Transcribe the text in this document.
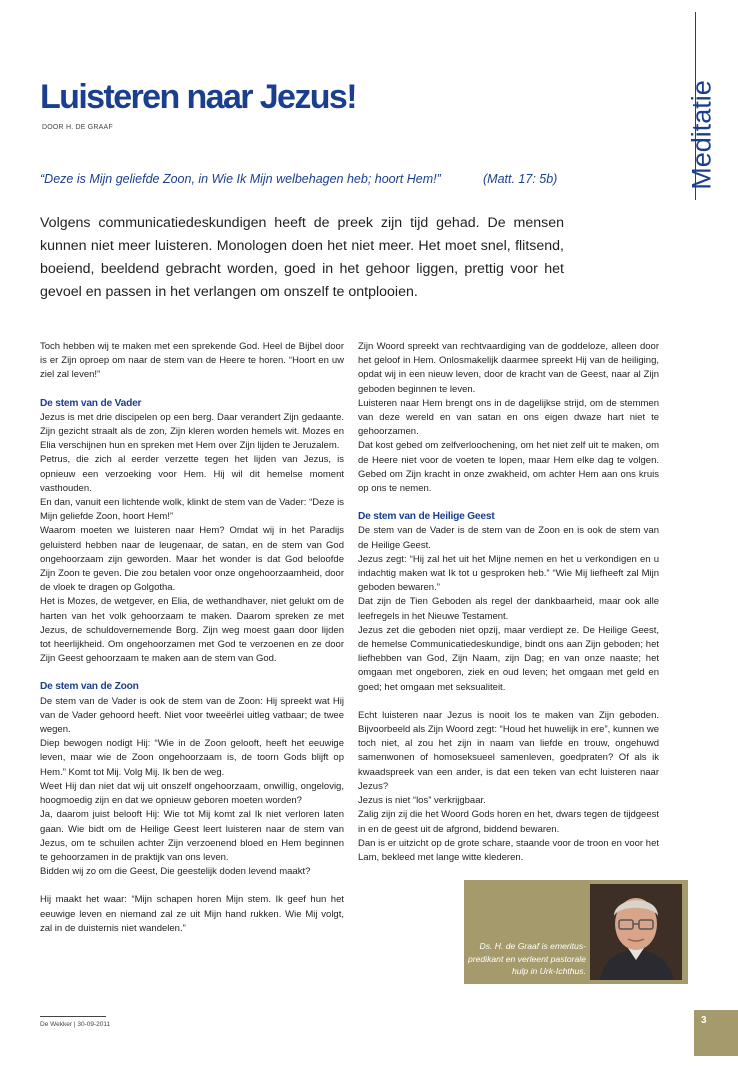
Luisteren naar Jezus!
DOOR H. DE GRAAF	Meditatie
“Deze is Mijn geliefde Zoon, in Wie Ik Mijn welbehagen heb; hoort Hem!”	(Matt. 17: 5b)

Volgens communicatiedeskundigen heeft de preek zijn tijd gehad. De mensen kunnen niet meer luisteren. Monologen doen het niet meer. Het moet snel, flitsend, boeiend, beeldend gebracht worden, goed in het gehoor liggen, prettig voor het gevoel en passen in het verlangen om onszelf te ontplooien.

Toch hebben wij te maken met een sprekende God. Heel de Bijbel door is er Zijn oproep om naar de stem van de Heere te horen. “Hoort en uw ziel zal leven!”

De stem van de Vader

Jezus is met drie discipelen op een berg. Daar verandert Zijn gedaante. Zijn gezicht straalt als de zon, Zijn kleren worden hemels wit. Mozes en Elia verschijnen hun en spreken met Hem over Zijn lijden te Jeruzalem.

Petrus, die zich al eerder verzette tegen het lijden van Jezus, is opnieuw een verzoeking voor Hem. Hij wil dit hemelse moment vasthouden.

En dan, vanuit een lichtende wolk, klinkt de stem van de Vader: “Deze is Mijn geliefde Zoon, hoort Hem!”

Waarom moeten we luisteren naar Hem? Omdat wij in het Paradijs geluisterd hebben naar de leugenaar, de satan, en de stem van God ongehoorzaam zijn geworden. Maar het wonder is dat God beloofde Zijn Zoon te geven. Die zou betalen voor onze ongehoorzaamheid, door de vloek te dragen op Golgotha.

Het is Mozes, de wetgever, en Elia, de wethandhaver, niet gelukt om de harten van het volk gehoorzaam te maken. Daarom spreken ze met Jezus, de schuldovernemende Borg. Zijn weg moest gaan door lijden tot heerlijkheid. Om ongehoorzamen met God te verzoenen en ze door Zijn Geest gehoorzaam te maken aan de stem van God.

De stem van de Zoon

De stem van de Vader is ook de stem van de Zoon: Hij spreekt wat Hij van de Vader gehoord heeft. Niet voor tweeërlei uitleg vatbaar; de twee wegen.

Diep bewogen nodigt Hij: “Wie in de Zoon gelooft, heeft het eeuwige leven, maar wie de Zoon ongehoorzaam is, de toorn Gods blijft op Hem.” Komt tot Mij. Volg Mij. Ik ben de weg.

Weet Hij dan niet dat wij uit onszelf ongehoorzaam, onwillig, ongelovig, hoogmoedig zijn en dat we opnieuw geboren moeten worden?

Ja, daarom juist belooft Hij: Wie tot Mij komt zal Ik niet verloren laten gaan. Wie bidt om de Heilige Geest leert luisteren naar de stem van Jezus, om te schuilen achter Zijn verzoenend bloed en Hem beginnen te gehoorzamen in de praktijk van ons leven.

Bidden wij zo om die Geest, Die geestelijk doden levend maakt?

Hij maakt het waar: “Mijn schapen horen Mijn stem. Ik geef hun het eeuwige leven en niemand zal ze uit Mijn hand rukken. Wie Mij volgt, zal in de duisternis niet wandelen.”

Zijn Woord spreekt van rechtvaardiging van de goddeloze, alleen door het geloof in Hem. Onlosmakelijk daarmee spreekt Hij van de heiliging, opdat wij in een nieuw leven, door de kracht van de Geest, naar al Zijn geboden beginnen te leven.

Luisteren naar Hem brengt ons in de dagelijkse strijd, om de stemmen van deze wereld en van satan en ons eigen dwaze hart niet te gehoorzamen.

Dat kost gebed om zelfverloochening, om het niet zelf uit te maken, om de Heere niet voor de voeten te lopen, maar Hem elke dag te volgen. Gebed om Zijn kracht in onze zwakheid, om achter Hem aan ons kruis op ons te nemen.

De stem van de Heilige Geest

De stem van de Vader is de stem van de Zoon en is ook de stem van de Heilige Geest.

Jezus zegt: “Hij zal het uit het Mijne nemen en het u verkondigen en u indachtig maken wat Ik tot u gesproken heb.” “Wie Mij liefheeft zal Mijn geboden bewaren.”

Dat zijn de Tien Geboden als regel der dankbaarheid, maar ook alle leefregels in het Nieuwe Testament.

Jezus zet die geboden niet opzij, maar verdiept ze. De Heilige Geest, de hemelse Communicatiedeskundige, bindt ons aan Zijn geboden; het liefhebben van God, Zijn Naam, zijn Dag; en van onze naaste; het omgaan met ongeboren, ziek en oud leven; het omgaan met geld en goed; het omgaan met seksualiteit.

Echt luisteren naar Jezus is nooit los te maken van Zijn geboden. Bijvoorbeeld als Zijn Woord zegt: “Houd het huwelijk in ere”, kunnen we toch niet, al zou het zijn in naam van liefde en trouw, ongehuwd samenwonen of homoseksueel samenleven, goedpraten? Of als ik kwaadspreek van een ander, is dat een teken van echt luisteren naar Jezus?

Jezus is niet “los” verkrijgbaar.

Zalig zijn zij die het Woord Gods horen en het, dwars tegen de tijdgeest in en de geest uit de afgrond, biddend bewaren.

Dan is er uitzicht op de grote schare, staande voor de troon en voor het Lam, bekleed met lange witte klederen.

Ds. H. de Graaf is emerituspredikant en verleent pastorale hulp in Urk-Ichthus.
De Wekker | 30-09-2011	3
